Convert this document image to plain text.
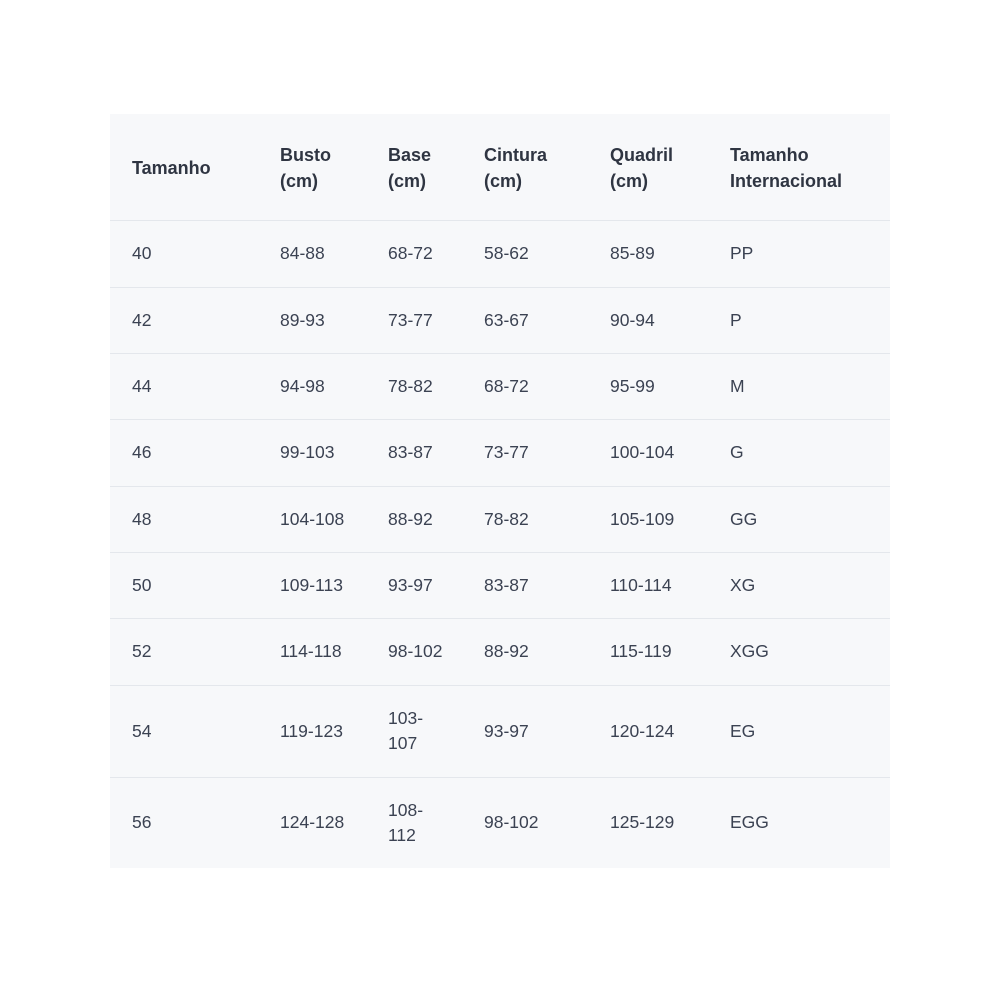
Tamanho	Busto (cm)	Base (cm)	Cintura (cm)	Quadril (cm)	Tamanho Internacional
40	84-88	68-72	58-62	85-89	PP
42	89-93	73-77	63-67	90-94	P
44	94-98	78-82	68-72	95-99	M
46	99-103	83-87	73-77	100-104	G
48	104-108	88-92	78-82	105-109	GG
50	109-113	93-97	83-87	110-114	XG
52	114-118	98-102	88-92	115-119	XGG
54	119-123	103-107	93-97	120-124	EG
56	124-128	108-112	98-102	125-129	EGG
